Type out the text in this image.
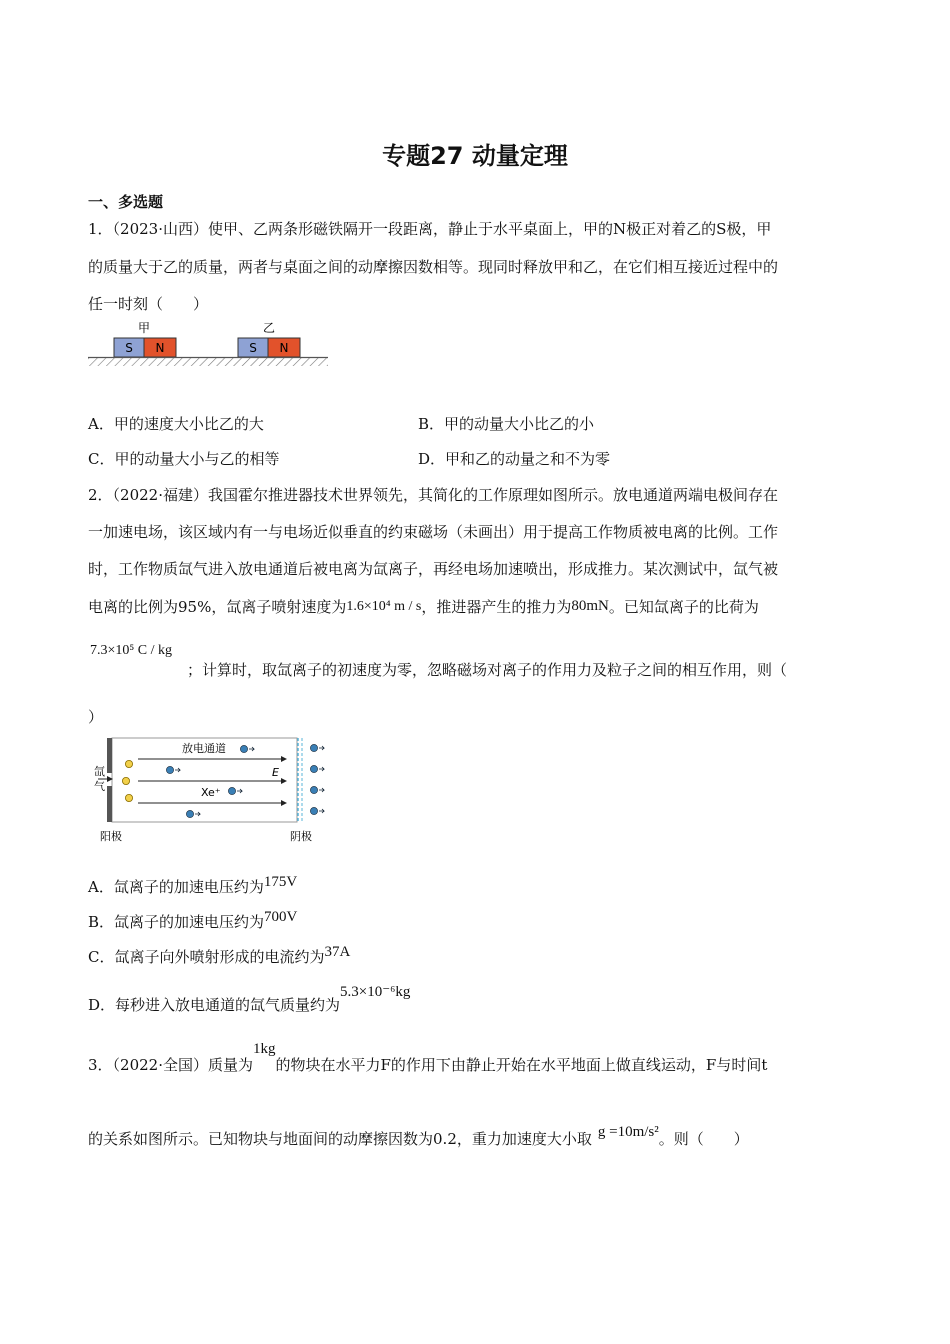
专题27 动量定理
一、多选题
1．（2023·山西）使甲、乙两条形磁铁隔开一段距离，静止于水平桌面上，甲的N极正对着乙的S极，甲
的质量大于乙的质量，两者与桌面之间的动摩擦因数相等。现同时释放甲和乙，在它们相互接近过程中的
任一时刻（　　）
甲	乙
S N	S N
A．甲的速度大小比乙的大	B．甲的动量大小比乙的小
C．甲的动量大小与乙的相等	D．甲和乙的动量之和不为零
2．（2022·福建）我国霍尔推进器技术世界领先，其简化的工作原理如图所示。放电通道两端电极间存在
一加速电场，该区域内有一与电场近似垂直的约束磁场（未画出）用于提高工作物质被电离的比例。工作
时，工作物质氙气进入放电通道后被电离为氙离子，再经电场加速喷出，形成推力。某次测试中，氙气被
电离的比例为95%，氙离子喷射速度为1.6×10⁴ m / s，推进器产生的推力为80mN。已知氙离子的比荷为
7.3×10⁵ C / kg
；计算时，取氙离子的初速度为零，忽略磁场对离子的作用力及粒子之间的相互作用，则（
）
放电通道
E
Xe⁺
氙
气
阳极	阴极
A．氙离子的加速电压约为175V
B．氙离子的加速电压约为700V
C．氙离子向外喷射形成的电流约为37A
D．每秒进入放电通道的氙气质量约为5.3×10⁻⁶kg
3．（2022·全国）质量为1kg的物块在水平力F的作用下由静止开始在水平地面上做直线运动，F与时间t
的关系如图所示。已知物块与地面间的动摩擦因数为0.2，重力加速度大小取 g =10m/s²。则（　　）
